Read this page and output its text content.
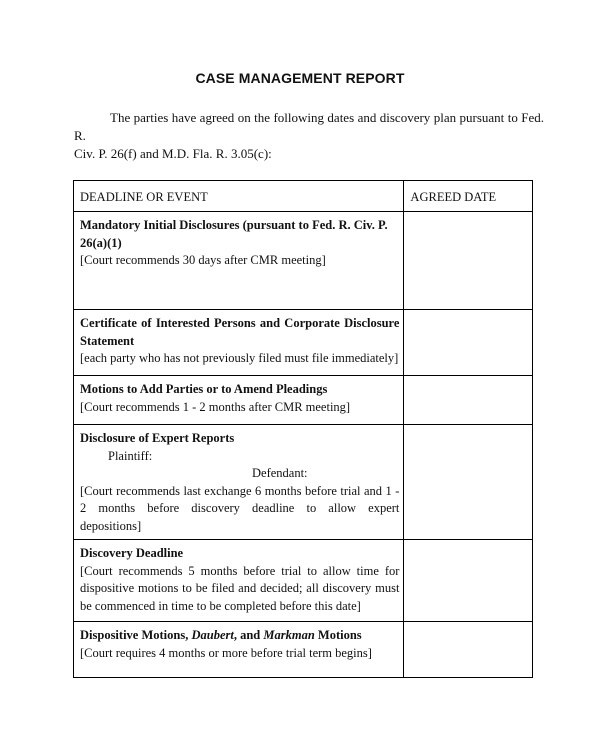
CASE MANAGEMENT REPORT
The parties have agreed on the following dates and discovery plan pursuant to Fed. R.
Civ. P. 26(f) and M.D. Fla. R. 3.05(c):
DEADLINE OR EVENT	AGREED DATE

Mandatory Initial Disclosures (pursuant to Fed. R. Civ. P. 26(a)(1)
[Court recommends 30 days after CMR meeting]	

Certificate of Interested Persons and Corporate Disclosure Statement
[each party who has not previously filed must file immediately]	

Motions to Add Parties or to Amend Pleadings
[Court recommends 1 - 2 months after CMR meeting]	

Disclosure of Expert Reports
Plaintiff:
Defendant:
[Court recommends last exchange 6 months before trial and 1 - 2 months before discovery deadline to allow expert depositions]	

Discovery Deadline
[Court recommends 5 months before trial to allow time for dispositive motions to be filed and decided; all discovery must be commenced in time to be completed before this date]	

Dispositive Motions, Daubert, and Markman Motions
[Court requires 4 months or more before trial term begins]	
